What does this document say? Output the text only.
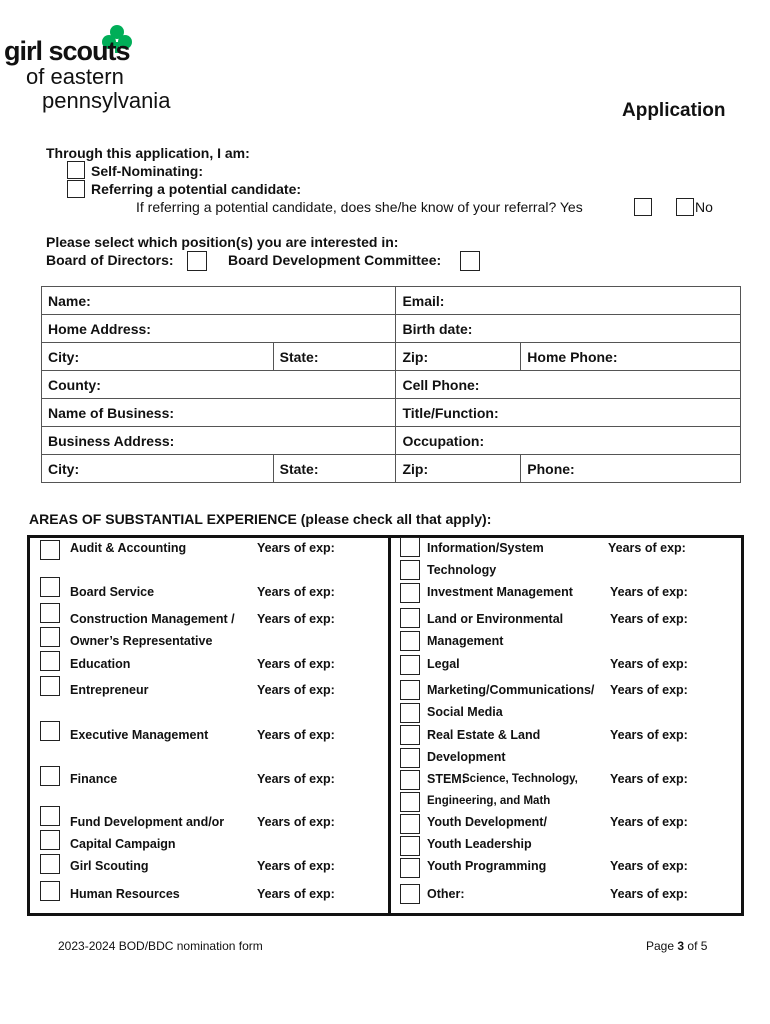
girl scouts
of eastern
pennsylvania	Application
Through this application, I am:
Self-Nominating:
Referring a potential candidate:
If referring a potential candidate, does she/he know of your referral? Yes	No
Please select which position(s) you are interested in:
Board of Directors:	Board Development Committee:
Name:		Email:	
Home Address:		Birth date:	
City:	State:	Zip:	Home Phone:
County:		Cell Phone:	
Name of Business:		Title/Function:	
Business Address:		Occupation:	
City:	State:	Zip:	Phone:
AREAS OF SUBSTANTIAL EXPERIENCE (please check all that apply):
Audit & Accounting	Years of exp:
Board Service	Years of exp:
Construction Management / Years of exp:
Owner’s Representative
Education	Years of exp:
Entrepreneur	Years of exp:
Executive Management	Years of exp:
Finance	Years of exp:
Fund Development and/or	Years of exp:
Capital Campaign
Girl Scouting	Years of exp:
Human Resources	Years of exp:
Information/System	Years of exp:
Technology
Investment Management	Years of exp:
Land or Environmental	Years of exp:
Management
Legal	Years of exp:
Marketing/Communications/ Years of exp:
Social Media
Real Estate & Land	Years of exp:
Development
STEM:
Science, Technology,	Years of exp:
Engineering, and Math
Youth Development/	Years of exp:
Youth Leadership
Youth Programming	Years of exp:
Other:	Years of exp:
2023-2024 BOD/BDC nomination form	Page 3 of 5
